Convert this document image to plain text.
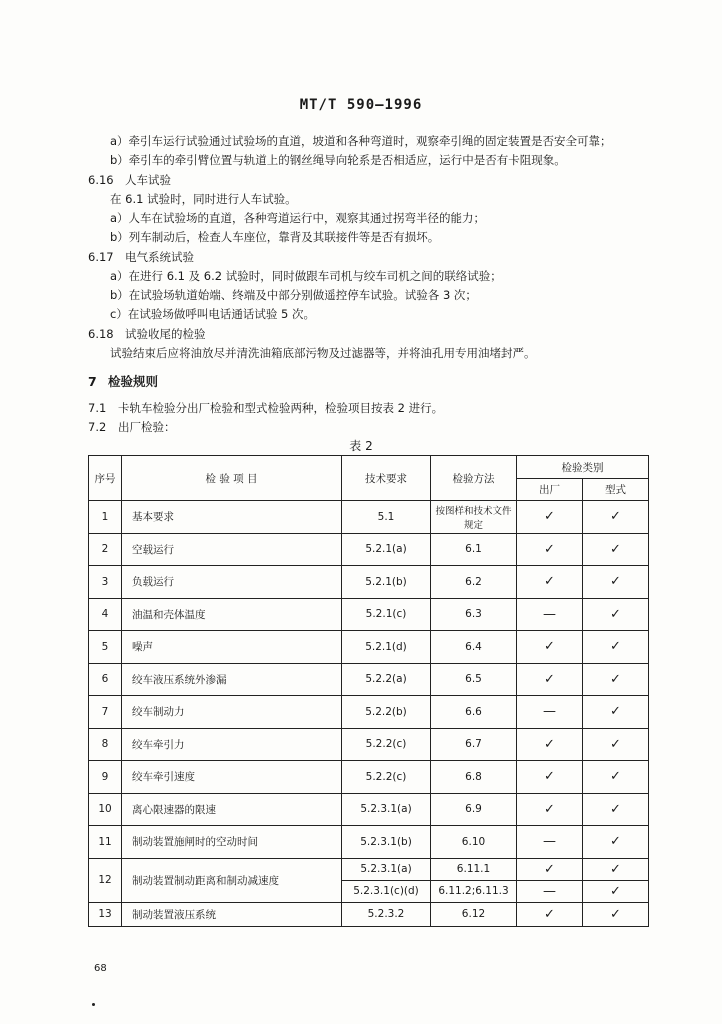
MT/T 590—1996
a）牵引车运行试验通过试验场的直道，坡道和各种弯道时，观察牵引绳的固定装置是否安全可靠；
b）牵引车的牵引臂位置与轨道上的钢丝绳导向轮系是否相适应，运行中是否有卡阻现象。
6.16 人车试验
在 6.1 试验时，同时进行人车试验。
a）人车在试验场的直道，各种弯道运行中，观察其通过拐弯半径的能力；
b）列车制动后，检查人车座位，靠背及其联接件等是否有损坏。
6.17 电气系统试验
a）在进行 6.1 及 6.2 试验时，同时做跟车司机与绞车司机之间的联络试验；
b）在试验场轨道始端、终端及中部分别做遥控停车试验。试验各 3 次；
c）在试验场做呼叫电话通话试验 5 次。
6.18 试验收尾的检验
试验结束后应将油放尽并清洗油箱底部污物及过滤器等，并将油孔用专用油堵封严。
7 检验规则
7.1 卡轨车检验分出厂检验和型式检验两种，检验项目按表 2 进行。
7.2 出厂检验：
表 2
序号	检 验 项 目	技术要求	检验方法	检验类别	
				出厂	型式
1	基本要求	5.1	按图样和技术文件规定	✓	✓
2	空载运行	5.2.1(a)	6.1	✓	✓
3	负载运行	5.2.1(b)	6.2	✓	✓
4	油温和壳体温度	5.2.1(c)	6.3	—	✓
5	噪声	5.2.1(d)	6.4	✓	✓
6	绞车液压系统外渗漏	5.2.2(a)	6.5	✓	✓
7	绞车制动力	5.2.2(b)	6.6	—	✓
8	绞车牵引力	5.2.2(c)	6.7	✓	✓
9	绞车牵引速度	5.2.2(c)	6.8	✓	✓
10	离心限速器的限速	5.2.3.1(a)	6.9	✓	✓
11	制动装置施闸时的空动时间	5.2.3.1(b)	6.10	—	✓
12	制动装置制动距离和制动减速度	5.2.3.1(a)	6.11.1	✓	✓
		5.2.3.1(c)(d)	6.11.2;6.11.3	—	✓
13	制动装置液压系统	5.2.3.2	6.12	✓	✓
68
